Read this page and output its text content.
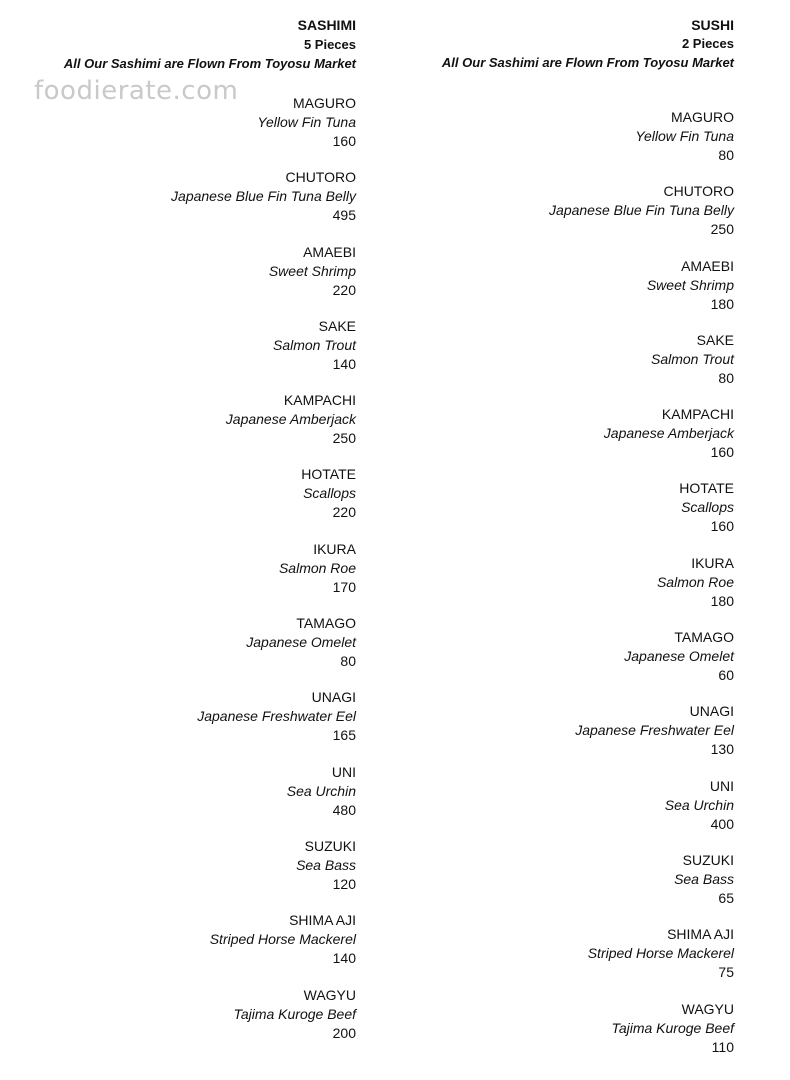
foodierate.com
SASHIMI
5 Pieces
All Our Sashimi are Flown From Toyosu Market
MAGURO
Yellow Fin Tuna
160
CHUTORO
Japanese Blue Fin Tuna Belly
495
AMAEBI
Sweet Shrimp
220
SAKE
Salmon Trout
140
KAMPACHI
Japanese Amberjack
250
HOTATE
Scallops
220
IKURA
Salmon Roe
170
TAMAGO
Japanese Omelet
80
UNAGI
Japanese Freshwater Eel
165
UNI
Sea Urchin
480
SUZUKI
Sea Bass
120
SHIMA AJI
Striped Horse Mackerel
140
WAGYU
Tajima Kuroge Beef
200
SUSHI
2 Pieces
All Our Sashimi are Flown From Toyosu Market
MAGURO
Yellow Fin Tuna
80
CHUTORO
Japanese Blue Fin Tuna Belly
250
AMAEBI
Sweet Shrimp
180
SAKE
Salmon Trout
80
KAMPACHI
Japanese Amberjack
160
HOTATE
Scallops
160
IKURA
Salmon Roe
180
TAMAGO
Japanese Omelet
60
UNAGI
Japanese Freshwater Eel
130
UNI
Sea Urchin
400
SUZUKI
Sea Bass
65
SHIMA AJI
Striped Horse Mackerel
75
WAGYU
Tajima Kuroge Beef
110
